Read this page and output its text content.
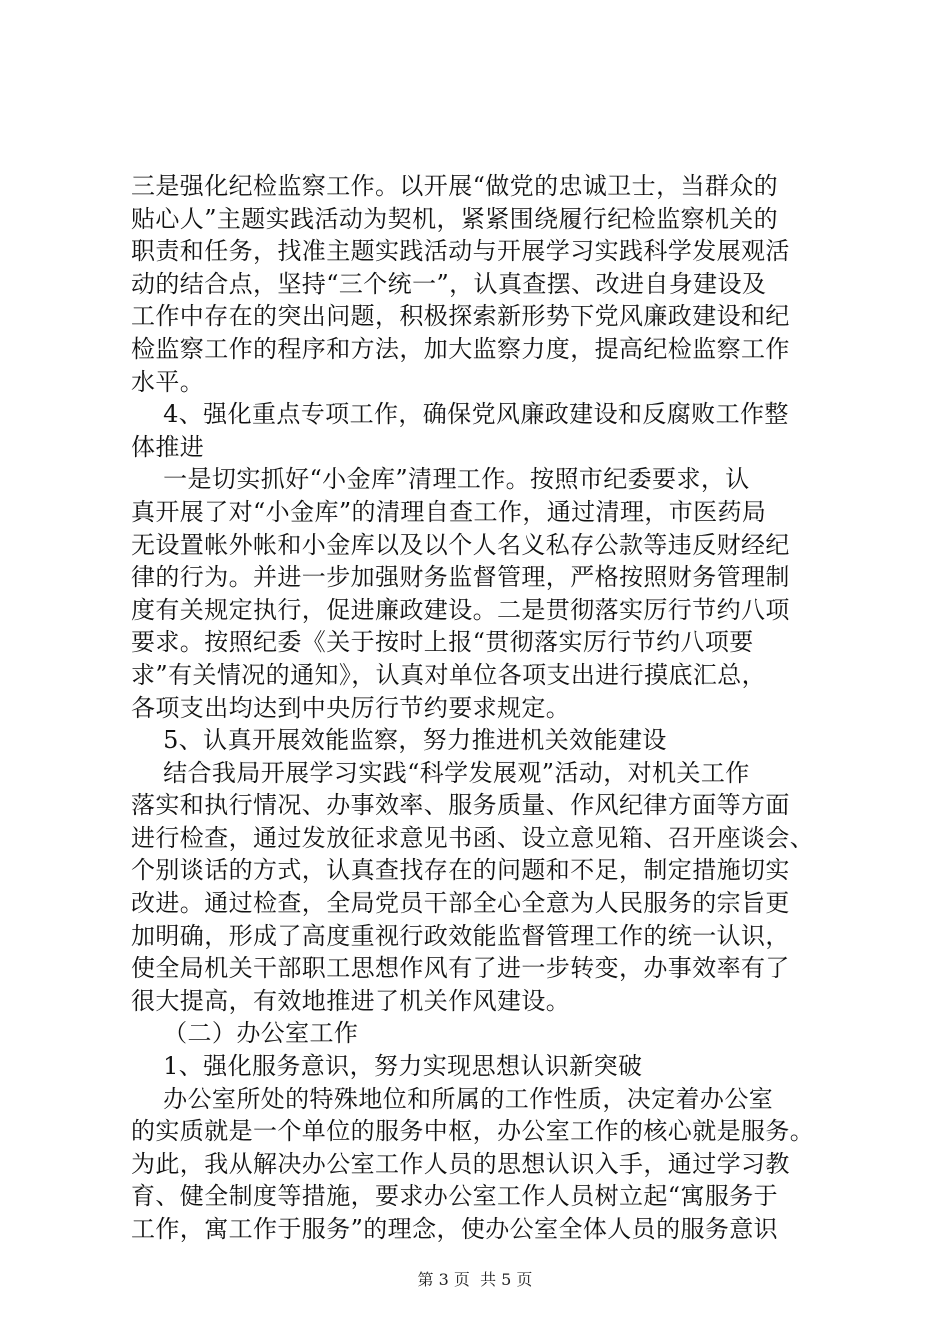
三是强化纪检监察工作。以开展“做党的忠诚卫士，当群众的
贴心人”主题实践活动为契机，紧紧围绕履行纪检监察机关的
职责和任务，找准主题实践活动与开展学习实践科学发展观活
动的结合点，坚持“三个统一”，认真查摆、改进自身建设及
工作中存在的突出问题，积极探索新形势下党风廉政建设和纪
检监察工作的程序和方法，加大监察力度，提高纪检监察工作
水平。
4、强化重点专项工作，确保党风廉政建设和反腐败工作整
体推进
一是切实抓好“小金库”清理工作。按照市纪委要求，认
真开展了对“小金库”的清理自查工作，通过清理，市医药局
无设置帐外帐和小金库以及以个人名义私存公款等违反财经纪
律的行为。并进一步加强财务监督管理，严格按照财务管理制
度有关规定执行，促进廉政建设。二是贯彻落实厉行节约八项
要求。按照纪委《关于按时上报“贯彻落实厉行节约八项要
求”有关情况的通知》，认真对单位各项支出进行摸底汇总，
各项支出均达到中央厉行节约要求规定。
5、认真开展效能监察，努力推进机关效能建设
结合我局开展学习实践“科学发展观”活动，对机关工作
落实和执行情况、办事效率、服务质量、作风纪律方面等方面
进行检查，通过发放征求意见书函、设立意见箱、召开座谈会、
个别谈话的方式，认真查找存在的问题和不足，制定措施切实
改进。通过检查，全局党员干部全心全意为人民服务的宗旨更
加明确，形成了高度重视行政效能监督管理工作的统一认识，
使全局机关干部职工思想作风有了进一步转变，办事效率有了
很大提高，有效地推进了机关作风建设。
（二）办公室工作
1、强化服务意识，努力实现思想认识新突破
办公室所处的特殊地位和所属的工作性质，决定着办公室
的实质就是一个单位的服务中枢，办公室工作的核心就是服务。
为此，我从解决办公室工作人员的思想认识入手，通过学习教
育、健全制度等措施，要求办公室工作人员树立起“寓服务于
工作，寓工作于服务”的理念，使办公室全体人员的服务意识
第 3 页  共 5 页
